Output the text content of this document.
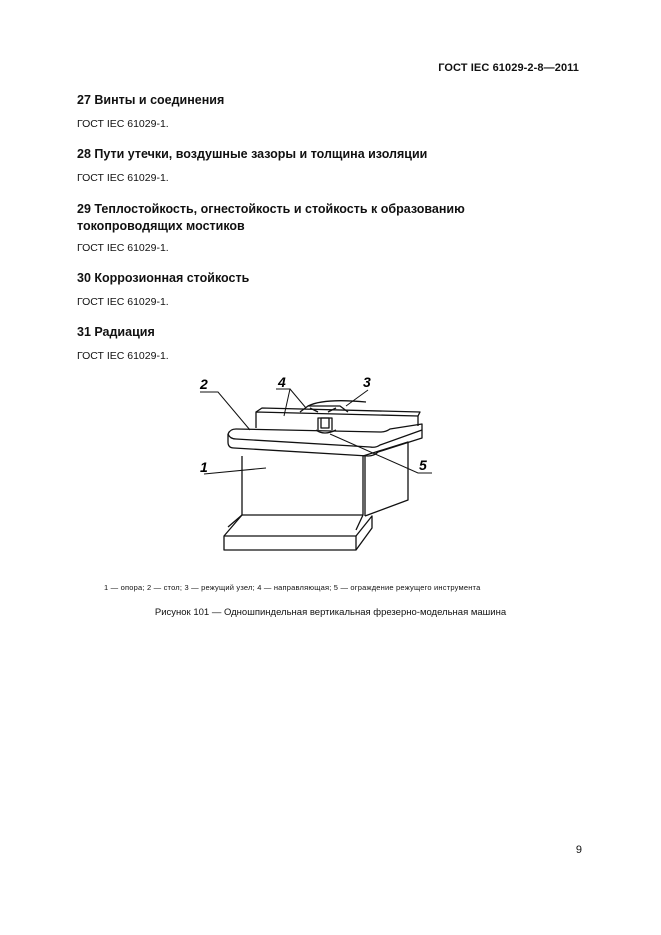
ГОСТ IEC 61029-2-8—2011
27 Винты и соединения
ГОСТ IEC 61029-1.
28 Пути утечки, воздушные зазоры и толщина изоляции
ГОСТ IEC 61029-1.
29 Теплостойкость, огнестойкость и стойкость к образованию токопроводящих мостиков
ГОСТ IEC 61029-1.
30 Коррозионная стойкость
ГОСТ IEC 61029-1.
31 Радиация
ГОСТ IEC 61029-1.
1
2	3
4
5
1 — опора; 2 — стол; 3 — режущий узел; 4 — направляющая; 5 — ограждение режущего инструмента
Рисунок 101 — Одношпиндельная вертикальная фрезерно-модельная машина
9
